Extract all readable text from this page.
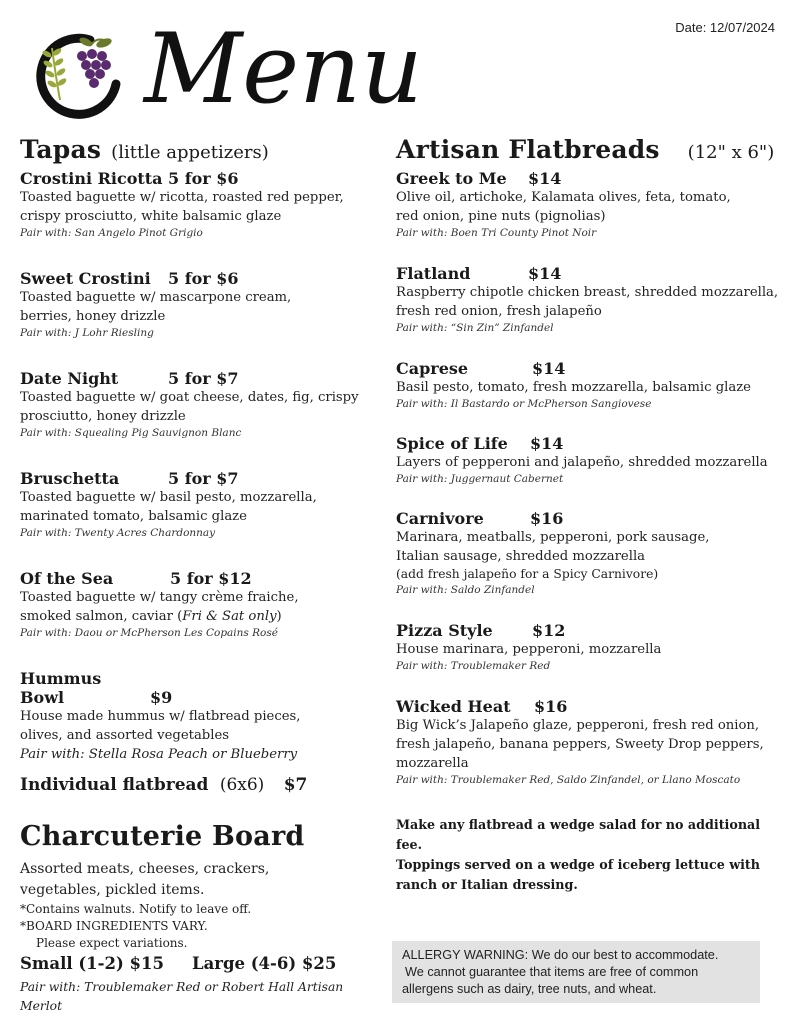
Date: 12/07/2024
Menu
Tapas (little appetizers)
Crostini Ricotta 5 for $6
Toasted baguette w/ ricotta, roasted red pepper,
crispy prosciutto, white balsamic glaze
Pair with: San Angelo Pinot Grigio
Sweet Crostini 5 for $6
Toasted baguette w/ mascarpone cream,
berries, honey drizzle
Pair with: J Lohr Riesling
Date Night	5 for $7
Toasted baguette w/ goat cheese, dates, fig, crispy
prosciutto, honey drizzle
Pair with: Squealing Pig Sauvignon Blanc
Bruschetta	5 for $7
Toasted baguette w/ basil pesto, mozzarella,
marinated tomato, balsamic glaze
Pair with: Twenty Acres Chardonnay
Of the Sea	5 for $12
Toasted baguette w/ tangy crème fraiche,
smoked salmon, caviar (Fri & Sat only)
Pair with: Daou or McPherson Les Copains Rosé
Hummus Bowl	$9
House made hummus w/ flatbread pieces,
olives, and assorted vegetables
Pair with: Stella Rosa Peach or Blueberry
Individual flatbread (6x6) $7
Charcuterie Board
Assorted meats, cheeses, crackers,
vegetables, pickled items.
*Contains walnuts. Notify to leave off.
*BOARD INGREDIENTS VARY.
Please expect variations.
Small (1-2) $15 Large (4-6) $25
Pair with: Troublemaker Red or Robert Hall Artisan Merlot
Artisan Flatbreads (12" x 6")
Greek to Me $14
Olive oil, artichoke, Kalamata olives, feta, tomato,
red onion, pine nuts (pignolias)
Pair with: Boen Tri County Pinot Noir
Flatland	$14
Raspberry chipotle chicken breast, shredded mozzarella,
fresh red onion, fresh jalapeño
Pair with: “Sin Zin” Zinfandel
Caprese	$14
Basil pesto, tomato, fresh mozzarella, balsamic glaze
Pair with: Il Bastardo or McPherson Sangiovese
Spice of Life $14
Layers of pepperoni and jalapeño, shredded mozzarella
Pair with: Juggernaut Cabernet
Carnivore	$16
Marinara, meatballs, pepperoni, pork sausage,
Italian sausage, shredded mozzarella
(add fresh jalapeño for a Spicy Carnivore)
Pair with: Saldo Zinfandel
Pizza Style $12
House marinara, pepperoni, mozzarella
Pair with: Troublemaker Red
Wicked Heat $16
Big Wick’s Jalapeño glaze, pepperoni, fresh red onion,
fresh jalapeño, banana peppers, Sweety Drop peppers,
mozzarella
Pair with: Troublemaker Red, Saldo Zinfandel, or Llano Moscato
Make any flatbread a wedge salad for no additional fee.
Toppings served on a wedge of iceberg lettuce with
ranch or Italian dressing.
ALLERGY WARNING: We do our best to accommodate.
We cannot guarantee that items are free of common
allergens such as dairy, tree nuts, and wheat.
